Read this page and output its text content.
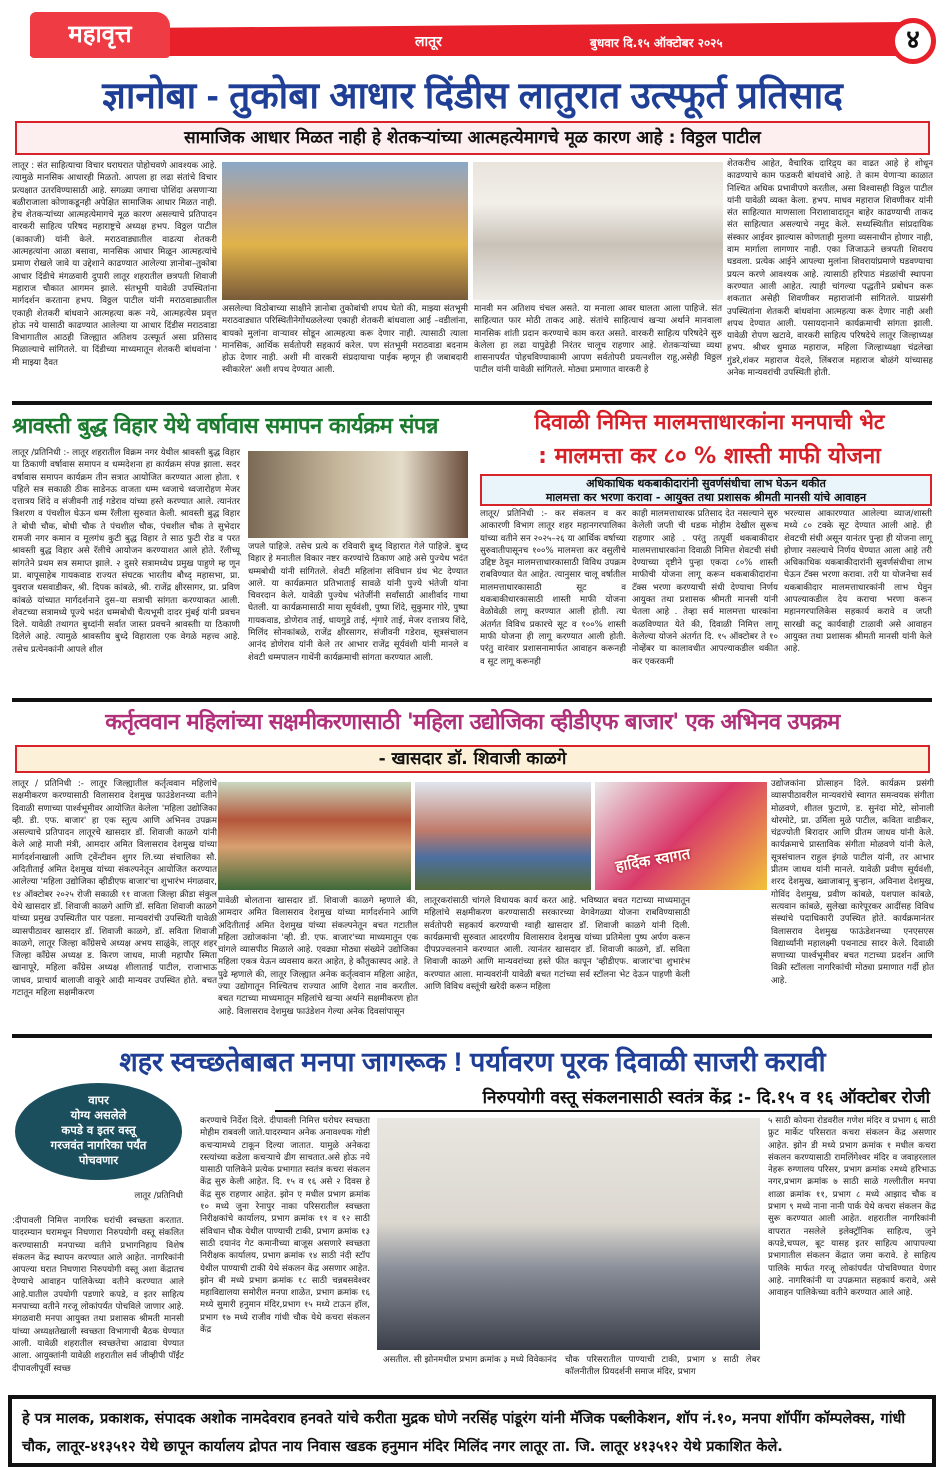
महावृत्त	लातूर	बुधवार दि.१५ ऑक्टोबर २०२५	४
ज्ञानोबा - तुकोबा आधार दिंडीस लातुरात उत्स्फूर्त प्रतिसाद
सामाजिक आधार मिळत नाही हे शेतकऱ्यांच्या आत्महत्येमागचे मूळ कारण आहे : विठ्ठल पाटील
लातूर : संत साहित्याचा विचार घराघरात पोहोचवणे आवश्यक आहे. त्यामुळे मानसिक आधारही मिळतो. आपला हा लढा संतांचे विचार प्रत्यक्षात उतरविण्यासाठी आहे. सगळ्या जगाचा पोशिंदा असणाऱ्या बळीराजाला कोणाकडूनही अपेक्षित सामाजिक आधार मिळत नाही. हेच शेतकऱ्यांच्या आत्महत्येमागचे मूळ कारण असल्याचे प्रतिपादन वारकरी साहित्य परिषद महाराष्ट्रचे अध्यक्ष हभप. विठ्ठल पाटील (काकाजी) यांनी केले. मराठवाड्यातील वाढत्या शेतकरी आत्महत्यांना आळा बसावा, मानसिक आधार मिळून आत्महत्यांचे प्रमाण रोखले जावे या उद्देशाने काढण्यात आलेल्या ज्ञानोबा–तुकोबा आधार दिंडीचे मंगळवारी दुपारी लातूर शहरातील छत्रपती शिवाजी महाराज चौकात आगमन झाले. संतभूमी यावेळी उपस्थितांना मार्गदर्शन करताना हभप. विठ्ठल पाटील यांनी मराठवाड्यातील एकाही शेतकरी बांधवाने आत्महत्या करू नये, आत्महत्येस प्रवृत्त होऊ नये यासाठी काढण्यात आलेल्या या आधार दिंडीस मराठवाडा विभागातील आठही जिल्ह्यात अतिशय उत्स्फूर्त असा प्रतिसाद मिळाल्याचे सांगितले. या दिंडीच्या माध्यमातून शेतकरी बांधवांना ' मी माझ्या दैवत
असलेल्या विठोबाच्या साक्षीने ज्ञानोबा तुकोबांची शपथ घेतो की, माझ्या संतभूमी मराठवाड्यात परिस्थितीनेगोंधळलेल्या एकाही शेतकरी बांधवाला आई –वडीलांना, बायको मुलांना वाऱ्यावर सोडून आत्महत्या करू देणार नाही. त्यासाठी त्याला मानसिक, आर्थिक सर्वतोपरी सहकार्य करेल. पण संतभूमी मराठवाडा बदनाम होऊ देणार नाही. अशी मी वारकरी संप्रदायाचा पाईक म्हणून ही जबाबदारी स्वीकारेल' अशी शपथ देण्यात आली.
मानवी मन अतिशय चंचल असते. या मनाला आवर घालता आला पाहिजे. संत साहित्यात फार मोठी ताकद आहे. संतांचे साहित्याचं खऱ्या अर्थाने मानवाला मानसिक शांती प्रदान करण्याचे काम करत असते. वारकरी साहित्य परिषदेने सुरु केलेला हा लढा यापुढेही निरंतर चालूच राहणार आहे. शेतकऱ्यांच्या व्यथा शासनापर्यंत पोहचविण्याकामी आपण सर्वतोपरी प्रयत्नशील राहू,असेही विठ्ठल पाटील यांनी यावेळी सांगितले. मोठ्या प्रमाणात वारकरी हे
शेतकरीच आहेत, वैचारिक दारिद्र्य का वाढत आहे हे शोधून काढण्याचे काम फडकरी बांधवांचे आहे. ते काम येणाऱ्या काळात निश्चित अधिक प्रभावीपणे करतील, असा विश्वासही विठ्ठल पाटील यांनी यावेळी व्यक्त केला. हभप. माधव महाराज शिवणीकर यांनी संत साहित्यात माणसाला निराशावादातून बाहेर काढण्याची ताकद संत साहित्यात असल्याचे नमूद केले. सध्यस्थितीत सांप्रदायिक संस्कार आईवर झाल्यास कोणताही मुलगा व्यसनाधीन होणार नाही, वाम मार्गाला लागणार नाही. एका जिजाऊने छत्रपती शिवराय घडवला. प्रत्येक आईने आपल्या मुलांना शिवरायांप्रमाणे घडवण्याचा प्रयत्न करणे आवश्यक आहे. त्यासाठी हरिपाठ मंडळांची स्थापना करण्यात आली आहेत. त्याही चांगल्या पद्धतीने प्रबोधन करू शकतात असेही शिवणीकर महाराजांनी सांगितले. याप्रसंगी उपस्थितांना शेतकरी बांधवांना आत्महत्या करू देणार नाही अशी शपथ देण्यात आली. पसायदानाने कार्यक्रमाची सांगता झाली. यावेळी रोपण खटावे, वारकरी साहित्य परिषदेचे लातूर जिल्हाध्यक्ष हभप. श्रीधर धुमाळ महाराज, महिला जिल्हाध्यक्षा चंद्रलेखा गुंडरे,शंकर महाराज येदले, लिंबराज महाराज बोळंगे यांच्यासह अनेक मान्यवरांची उपस्थिती होती.
श्रावस्ती बुद्ध विहार येथे वर्षावास समापन कार्यक्रम संपन्न
लातूर /प्रतिनिधी :- लातूर शहरातील विक्रम नगर येथील श्रावस्ती बुद्ध विहार या ठिकाणी वर्षावास समापन व धम्मदेशना हा कार्यक्रम संपन्न झाला. सदर वर्षावास समापन कार्यक्रम तीन सत्रात आयोजित करण्यात आला होता. १ पहिले सत्र सकाळी ठीक साडेनऊ वाजता धम्म ध्वजाचे ध्वजारोहण मेजर दत्तात्रय शिंदे व संजीवनी ताई गडेराव यांच्या हस्ते करण्यात आले. त्यानंतर त्रिशरण व पंचशील घेऊन धम्म रॅलीला सुरुवात केली. श्रावस्ती बुद्ध विहार ते बोधी चौक, बोधी चौक ते पंचशील चौक, पंचशील चौक ते सुभेदार रामजी नगर कमान व मूलगंध कुटी बुद्ध विहार ते साठ फुटी रोड व परत श्रावस्ती बुद्ध विहार असे रॅलीचे आयोजन करण्याशत आले होते. रॅलीच्यू सांगतेने प्रथम सत्र समाप्त झाले. २ दुसरे सत्रामध्येध प्रमुख पाहुणे म्ह णून प्रा. बापूसाहेब गायकवाड राज्यत संघटक भारतीय बौध्द् महासभा, प्रा. युवराज धसवाडीकर, श्री. दिपक कांबळे, श्री. राजेंद्र क्षीरसागर, प्रा. प्रविण कांबळे यांच्यात मार्गदर्शनाने दुस–या सत्राची सांगता करण्याकत आली. शेवटच्या सत्रामध्ये पूज्ये भदंत धम्मबोधी चैत्यभूमी दादर मुंबई यांनी प्रवचन दिले. यावेळी तथागत बुध्दांनी सर्वात जास्त प्रवचने श्रावस्तीा या ठिकाणी दिलेले आहे. त्यामुळे श्रावस्तीय बुध्दे विहाराला एक वेगळे महत्त्व आहे. तसेच प्रत्येनकांनी आपले शील
जपले पाहिजे. तसेच प्रत्ये क रविवारी बुध्द् विहारात गेले पाहिजे. बुध्द विहार हे मनातील विकार नष्टर करण्यांचे ठिकाण आहे असे पुज्येध भदंत धम्मबोधी यांनी सांगितले. शेवटी महिलांना संविधान ग्रंथ भेट देण्यात आले. या कार्यक्रमात प्रतिभाताई सावळे यांनी पुज्ये भंतेजी यांना चिवरदान केले. यावेळी पुज्येध भंतेजींनी सर्वांसाठी आशीर्वाद गाथा घेतली. या कार्यक्रमासाठी माया सूर्यवंशी, पुष्पा शिंदे, सुकुमार गोरे, पुष्पा गायकवाड, डोणेराव ताई, धायगुडे ताई, शृंगारे ताई, मेजर दत्तात्रय शिंदे, मिलिंद सोनकांबळे, राजेंद्र क्षीरसागर, संजीवनी गडेराव, सूत्रसंचालन आनंद डोणेराव यांनी केले तर आभार राजेंद्र सूर्यवंशी यांनी मानले व शेवटी धम्मपालन गाथेंनी कार्यक्रमाची सांगता करण्यात आली.
दिवाळी निमित्त मालमत्ताधारकांना मनपाची भेट
: मालमत्ता कर ८० % शास्ती माफी योजना
अधिकाधिक थकबाकीदारांनी सुवर्णसंधीचा लाभ घेऊन थकीत
मालमत्ता कर भरणा करावा - आयुक्त तथा प्रशासक श्रीमती मानसी यांचे आवाहन
लातूर/ प्रतिनिधी :- कर संकलन व कर आकारणी विभाग लातूर शहर महानगरपालिका यांच्या वतीने सन २०२५–२६ या आर्थिक वर्षाच्या सुरुवातीपासूनच १००% मालमत्ता कर वसुलीचे उद्दिष्ट ठेवून मालमत्ताधारकासाठी विविध उपक्रम राबविण्यात येत आहेत. त्यानुसार चालू वर्षातील मालमत्ताधारकासाठी सूट व थकबाकीधारकासाठी शास्ती माफी योजना वेळोवेळी लागू करण्यात आली होती. त्या अंतर्गत विविध प्रकारचे सूट व १००% शास्ती माफी योजना ही लागू करण्यात आली होती. परंतु वारंवार प्रशासनामार्फत आवाहन करूनही व सूट लागू करूनही
काही मालमत्ताधारक प्रतिसाद देत नसल्याने सुरु केलेली जप्ती ची धडक मोहीम देखील सुरूच राहणार आहे . परंतु तत्पूर्वी थकबाकीदार मालमत्ताधारकांना दिवाळी निमित्त शेवटची संधी देण्याच्या दृष्टीने पुन्हा एकदा ८०% शास्ती माफीची योजना लागू करून थकबाकीदारांना टॅक्स भरणा करण्याची संधी देण्याचा निर्णय आयुक्त तथा प्रशासक श्रीमती मानसी यांनी घेतला आहे . तेव्हा सर्व मालमत्ता धारकांना कळविण्यात येते की, दिवाळी निमित्त लागू केलेल्या योजने अंतर्गत दि. १५ ऑक्टोबर ते १० नोव्हेंबर या कालावधीत आपल्याकडील थकीत कर एकरकमी
भरल्यास आकारण्यात आलेल्या व्याज/शास्ती मध्ये ८० टक्के सूट देण्यात आली आहे. ही शेवटची संधी असून यानंतर पुन्हा ही योजना लागू होणार नसल्याचे निर्णय घेण्यात आला आहे तरी अधिकाधिक थकबाकीदारांनी सुवर्णसंधीचा लाभ घेऊन टॅक्स भरणा करावा. तरी या योजनेचा सर्व थकबाकीदार मालमत्ताधारकांनी लाभ घेवुन आपल्याकडील देय कराचा भरणा करून महानगरपालिकेस सहकार्य करावे व जप्ती सारखी कटू कार्यवाही टाळावी असे आवाहन आयुक्त तथा प्रशासक श्रीमती मानसी यांनी केले आहे.
कर्तृत्ववान महिलांच्या सक्षमीकरणासाठी 'महिला उद्योजिका व्हीडीएफ बाजार' एक अभिनव उपक्रम
- खासदार डॉ. शिवाजी काळगे
लातूर / प्रतिनिधी :- लातूर जिल्ह्यातील कर्तृत्ववान महिलांचे सक्षमीकरण करण्यासाठी विलासराव देशमुख फाउंडेशनच्या वतीने दिवाळी सणाच्या पार्श्वभूमीवर आयोजित केलेला 'महिला उद्योजिका व्ही. डी. एफ. बाजार' हा एक स्तुत्य आणि अभिनव उपक्रम असल्याचे प्रतिपादन लातूरचे खासदार डॉ. शिवाजी काळगे यांनी केले आहे माजी मंत्री, आमदार अमित विलासराव देशमुख यांच्या मार्गदर्शनाखाली आणि ट्वेंन्टीवन शुगर लि.च्या संचालिका सौ. अदितीताई अमित देशमुख यांच्या संकल्पनेतून आयोजित करण्यात आलेल्या 'महिला उद्योजिका व्हीडीएफ बाजार'चा शुभारंभ मंगळवार, १४ ऑक्टोबर २०२५ रोजी सकाळी ११ वाजता जिल्हा क्रीडा संकुल येथे खासदार डॉ. शिवाजी काळगे आणि डॉ. सविता शिवाजी काळगे यांच्या प्रमुख उपस्थितीत पार पडला. मान्यवरांची उपस्थिती यावेळी व्यासपीठावर खासदार डॉ. शिवाजी काळगे, डॉ. सविता शिवाजी काळगे, लातूर जिल्हा काँग्रेसचे अध्यक्ष अभय साळुंके, लातूर शहर जिल्हा काँग्रेस अध्यक्ष ड. किरण जाधव, माजी महापौर स्मिता खानापूरे, महिला काँग्रेस अध्यक्ष शीलाताई पाटील, राजाभाऊ जाधव, प्राचार्य बालाजी वाकूरे आदी मान्यवर उपस्थित होते. बचत गटातून महिला सक्षमीकरण
हार्दिक स्वागत
उद्योजकांना प्रोत्साहन दिले. कार्यक्रम प्रसंगी व्यासपीठावरील मान्यवरांचे स्वागत समन्वयक संगीता मोळवणे, शीतल फुटाणे, ड. सुनंदा मोटे, सोनाली थोरमोटे, प्रा. उर्मिला मुळे पाटील, कविता वाडीकर, चंद्रज्योती बिरादार आणि प्रीतम जाधव यांनी केले. कार्यक्रमाचे प्रास्ताविक संगीता मोळवणे यांनी केले, सूत्रसंचालन राहुल इंगळे पाटील यांनी, तर आभार प्रीतम जाधव यांनी मानले. यावेळी प्रवीण सूर्यवंशी, शरद देशमुख, ख्वाजाबानू बुऱ्हान, अविनाश देशमुख, गोविंद देशमुख, प्रवीण कांबळे, यशपाल कांबळे, सत्यवान कांबळे, सुलेखा कारेपूरकर आदींसह विविध संस्थांचे पदाधिकारी उपस्थित होते. कार्यक्रमानंतर विलासराव देशमुख फाऊंडेशनच्या एनएसएस विद्यार्थ्यांनी महालक्ष्मी पथनाट्य सादर केले. दिवाळी सणाच्या पार्श्वभूमीवर बचत गटाच्या प्रदर्शन आणि विक्री स्टॉलला नागरिकांची मोठ्या प्रमाणात गर्दी होत आहे.
यावेळी बोलताना खासदार डॉ. शिवाजी काळगे म्हणाले की, आमदार अमित विलासराव देशमुख यांच्या मार्गदर्शनाने आणि अदितीताई अमित देशमुख यांच्या संकल्पनेतून बचत गटातील महिला उद्योजकांना 'व्ही. डी. एफ. बाजार'च्या माध्यमातून एक चांगले व्यासपीठ मिळाले आहे. एवढ्या मोठ्या संख्येने उद्योजिका महिला एकत्र येऊन व्यवसाय करत आहेत, हे कौतुकास्पद आहे. ते पुढे म्हणाले की, लातूर जिल्ह्यात अनेक कर्तृत्ववान महिला आहेत, ज्या उद्योगातून निश्चितच राज्यात आणि देशात नाव करतील. बचत गटाच्या माध्यमातून महिलांचे खऱ्या अर्थाने सक्षमीकरण होत आहे. विलासराव देशमुख फाउंडेशन गेल्या अनेक दिवसांपासून
लातूरकरांसाठी चांगले विधायक कार्य करत आहे. भविष्यात बचत गटाच्या माध्यमातून महिलांचे सक्षमीकरण करण्यासाठी सरकारच्या वेगवेगळ्या योजना राबविण्यासाठी सर्वतोपरी सहकार्य करण्याची ग्वाही खासदार डॉ. शिवाजी काळगे यांनी दिली. कार्यक्रमाची सुरुवात आदरणीय विलासराव देशमुख यांच्या प्रतिमेला पुष्प अर्पण करून दीपप्रज्वलनाने करण्यात आली. त्यानंतर खासदार डॉ. शिवाजी काळगे, डॉ. सविता शिवाजी काळगे आणि मान्यवरांच्या हस्ते फीत कापून 'व्हीडीएफ. बाजार'चा शुभारंभ करण्यात आला. मान्यवरांनी यावेळी बचत गटांच्या सर्व स्टॉलना भेट देऊन पाहणी केली आणि विविध वस्तूंची खरेदी करून महिला
शहर स्वच्छतेबाबत मनपा जागरूक ! पर्यावरण पूरक दिवाळी साजरी करावी
निरुपयोगी वस्तू संकलनासाठी स्वतंत्र केंद्र :- दि.१५ व १६ ऑक्टोबर रोजी
वापर
योग्य असलेले
कपडे व इतर वस्तू
गरजवंत नागरिका पर्यंत
पोचवणार
लातूर /प्रतिनिधी
:दीपावली निमित्त नागरिक घरांची स्वच्छता करतात. यादरम्यान घरामधून निघणारा निरुपयोगी वस्तू संकलित करण्यासाठी मनपाच्या वतीने प्रभागनिहाय विशेष संकलन केंद्र स्थापन करण्यात आले आहेत. नागरिकांनी आपल्या घरात निघणारा निरुपयोगी वस्तू अशा केंद्रातच देण्याचे आवाहन पालिकेच्या वतीने करण्यात आले आहे.यातील उपयोगी पडणारे कपडे, व इतर साहित्य मनपाच्या वतीने गरजू लोकांपर्यंत पोचविले जाणार आहे. मंगळवारी मनपा आयुक्त तथा प्रशासक श्रीमती मानसी यांच्या अध्यक्षतेखाली स्वच्छता विभागाची बैठक घेण्यात आली. यावेळी शहरातील स्वच्छतेचा आढावा घेण्यात आला. आयुक्तांनी यावेळी शहरातील सर्व जीव्हीपी पॉईंट दीपावलीपूर्वी स्वच्छ
करण्याचे निर्देश दिले. दीपावली निमित्त घरोघर स्वच्छता मोहीम राबवली जाते.यादरम्यान अनेक अनावश्यक गोष्टी कचऱ्यामध्ये टाकून दिल्या जातात. यामुळे अनेकदा रस्त्यांच्या कडेला कचऱ्याचे ढीग साचतात.असे होऊ नये यासाठी पालिकेने प्रत्येक प्रभागात स्वतंत्र कचरा संकलन केंद्र सुरु केली आहेत. दि. १५ व १६ असे २ दिवस हे केंद्र सुरु राहणार आहेत. झोन ए मधील प्रभाग क्रमांक १० मध्ये जुना रेनापुर नाका परिसरातील स्वच्छता निरीक्षकांचे कार्यालय, प्रभाग क्रमांक ११ व १२ साठी संविधान चौक येथील पाण्याची टाकी, प्रभाग क्रमांक १३ साठी दयानंद गेट कमानीच्या बाजूस असणारे स्वच्छता निरीक्षक कार्यालय, प्रभाग क्रमांक १४ साठी नंदी स्टॉप येथील पाण्याची टाकी येथे संकलन केंद्र असणार आहेत. झोन बी मध्ये प्रभाग क्रमांक १८ साठी चन्नबसवेश्वर महाविद्यालया समोरील मनपा शाळेत, प्रभाग क्रमांक १६ मध्ये सुमारी हनुमान मंदिर,प्रभाग १५ मध्ये टाऊन हॉल, प्रभाग १७ मध्ये राजीव गांधी चौक येथे कचरा संकलन केंद्र
असतील. सी झोनमधील प्रभाग क्रमांक ३ मध्ये विवेकानंद चौक परिसरातील पाण्याची टाकी, प्रभाग ४ साठी लेबर कॉलनीतील प्रियदर्शनी समाज मंदिर, प्रभाग
५ साठी कोयना रोडवरील गणेश मंदिर व प्रभाग ६ साठी फ्रुट मार्केट परिसरात कचरा संकलन केंद्र असणार आहेत. झोन डी मध्ये प्रभाग क्रमांक १ मधील कचरा संकलन करण्यासाठी रामलिंगेश्वर मंदिर व जवाहरलाल नेहरू रुग्णालय परिसर, प्रभाग क्रमांक २मध्ये हरिभाऊ नगर,प्रभाग क्रमांक ७ साठी साळे गल्लीतील मनपा शाळा क्रमांक ११, प्रभाग ८ मध्ये आझाद चौक व प्रभाग ९ मध्ये नाना नानी पार्क येथे कचरा संकलन केंद्र सुरू करण्यात आली आहेत. शहरातील नागरिकांनी वापरात नसलेले इलेक्ट्रॉनिक साहित्य, जुने कपडे,चप्पल, बूट यासह इतर साहित्य आपापल्या प्रभागातील संकलन केंद्रात जमा करावे. हे साहित्य पालिके मार्फत गरजू लोकांपर्यंत पोचविण्यात येणार आहे. नागरिकांनी या उपक्रमात सहकार्य करावे, असे आवाहन पालिकेच्या वतीने करण्यात आले आहे.
हे पत्र मालक, प्रकाशक, संपादक अशोक नामदेवराव हनवते यांचे करीता मुद्रक घोणे नरसिंह पांडूरंग यांनी मॅजिक पब्लीकेशन, शॉप नं.१०, मनपा शॉपींग कॉम्पलेक्स, गांधी चौक, लातूर-४१३५१२ येथे छापून कार्यालय द्रोपत नाय निवास खडक हनुमान मंदिर मिलिंद नगर लातूर ता. जि. लातूर ४१३५१२ येथे प्रकाशित केले.
